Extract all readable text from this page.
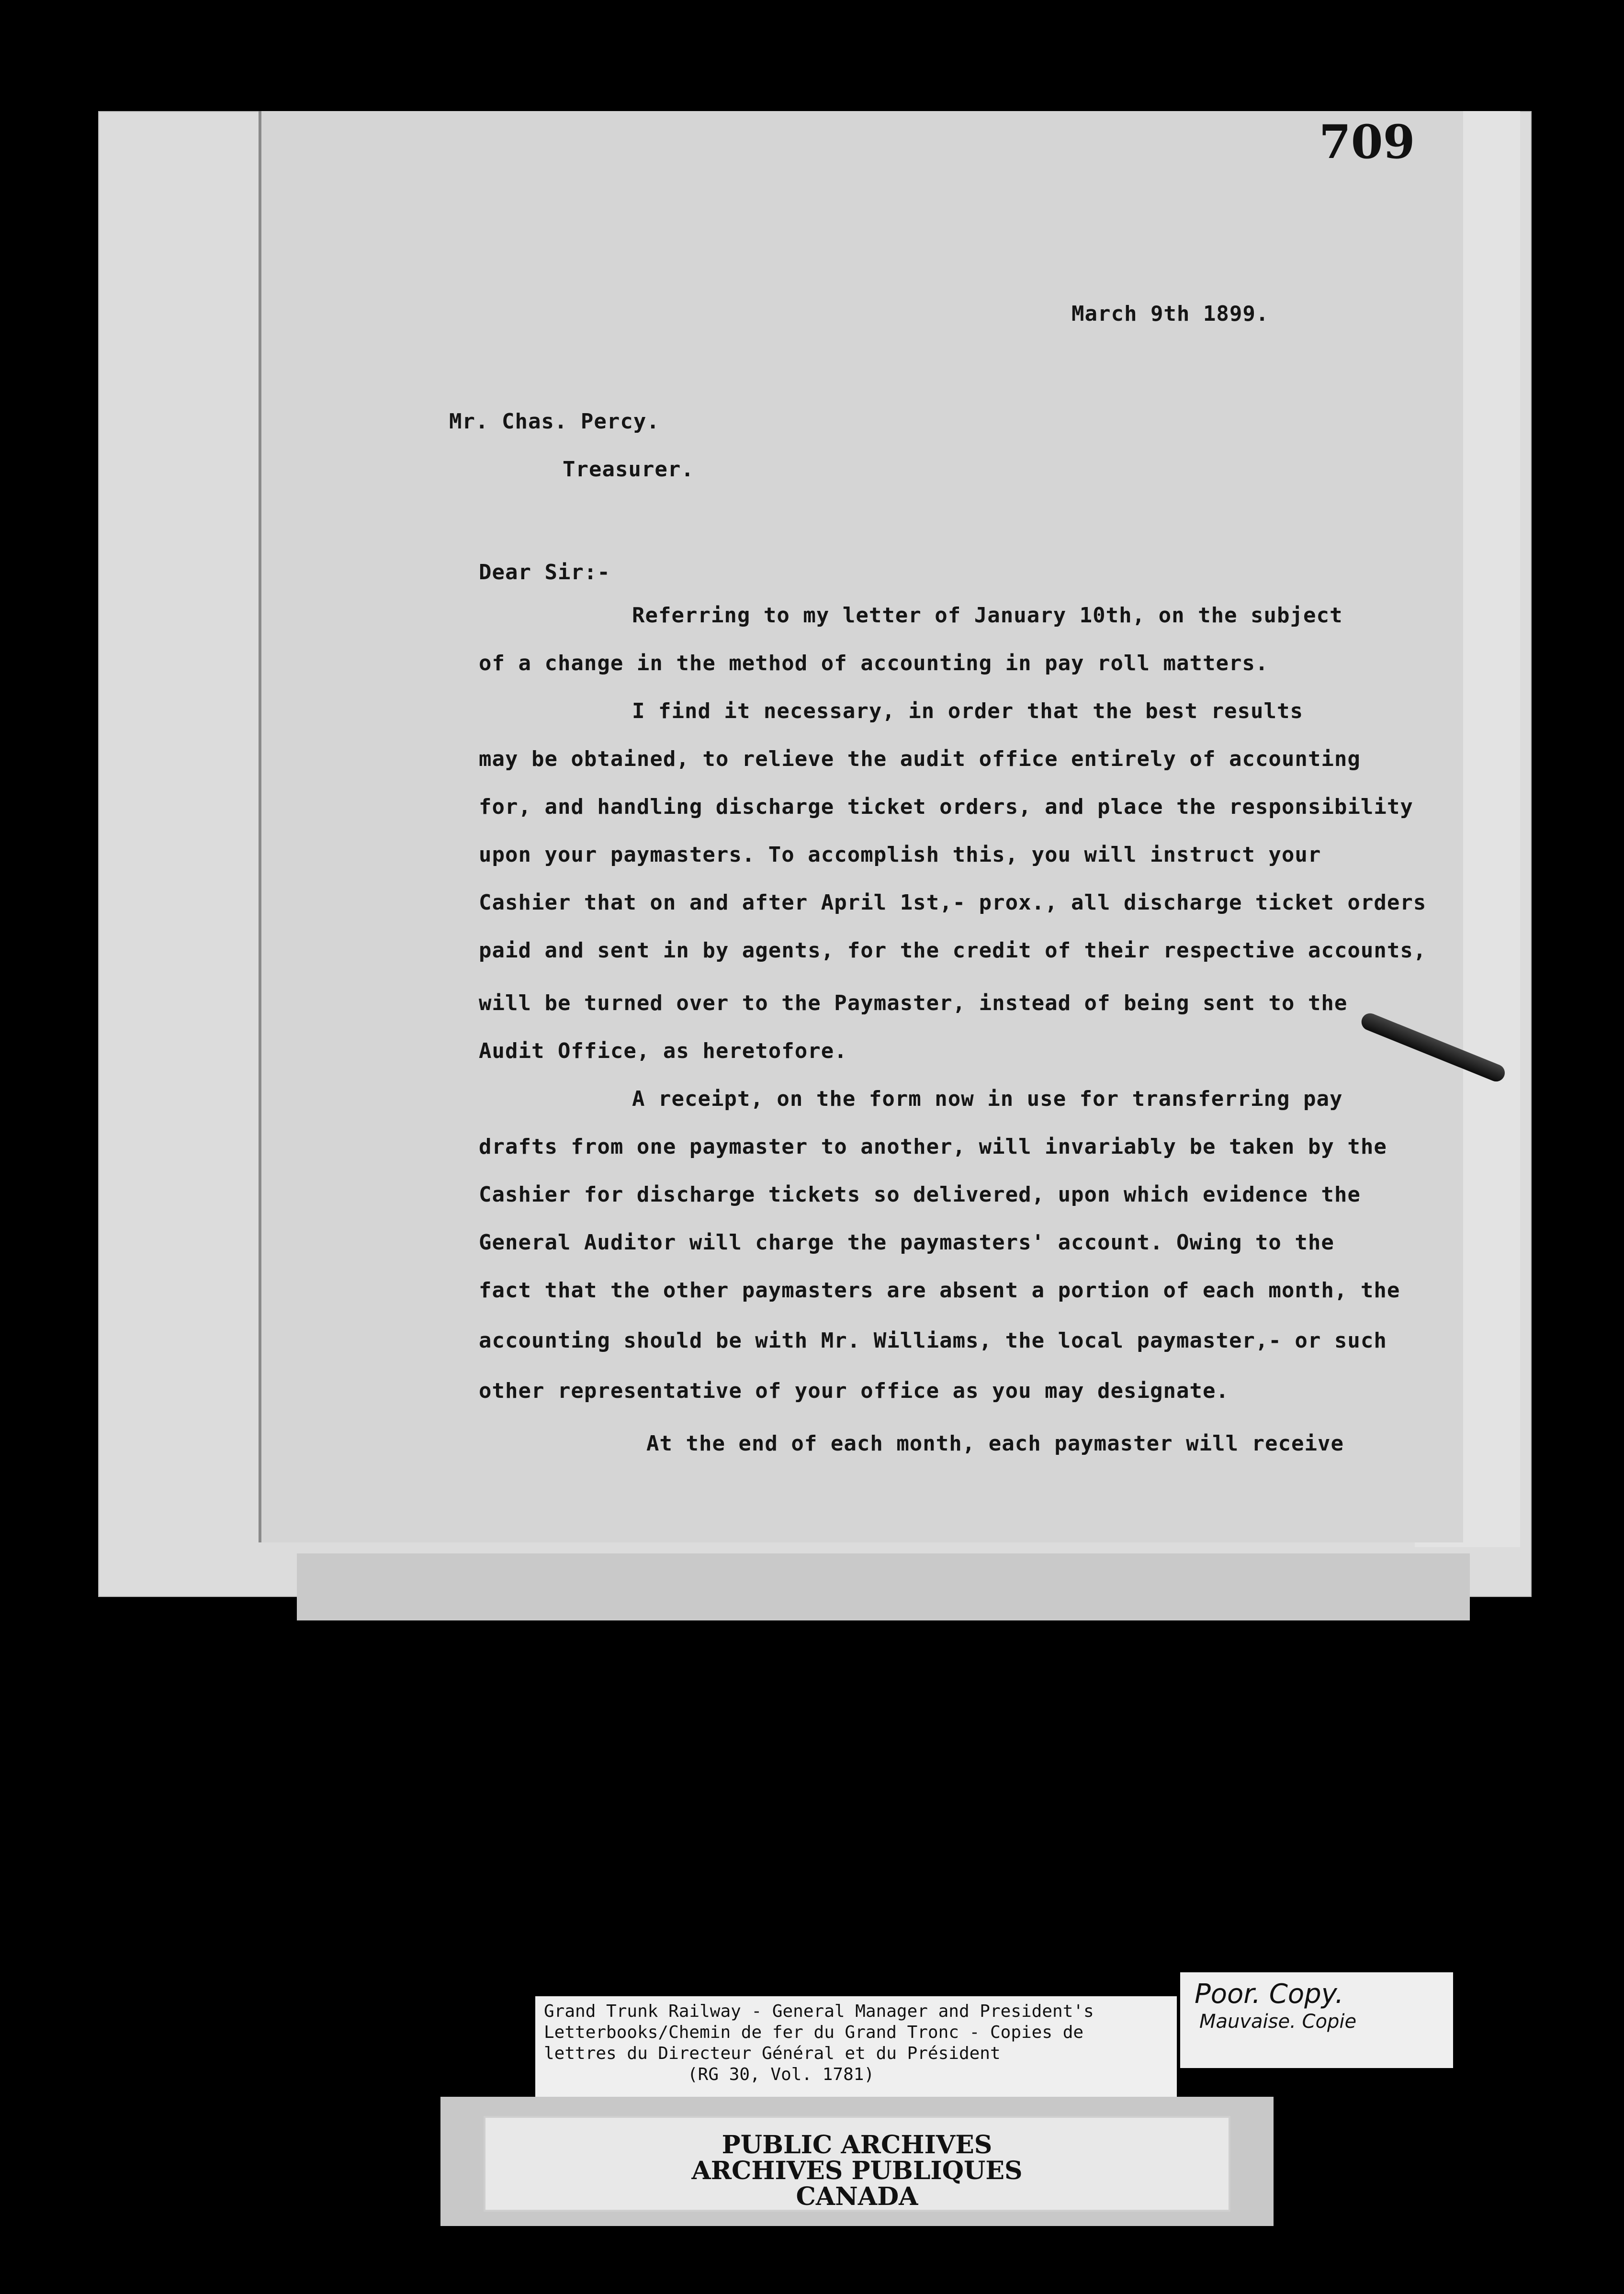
709
March 9th 1899.
Mr. Chas. Percy.
Treasurer.
Dear Sir:-
Referring to my letter of January 10th, on the subject
of a change in the method of accounting in pay roll matters.
I find it necessary, in order that the best results
may be obtained, to relieve the audit office entirely of accounting
for, and handling discharge ticket orders, and place the responsibility
upon your paymasters. To accomplish this, you will instruct your
Cashier that on and after April 1st,- prox., all discharge ticket orders
paid and sent in by agents, for the credit of their respective accounts,
will be turned over to the Paymaster, instead of being sent to the
Audit Office, as heretofore.
A receipt, on the form now in use for transferring pay
drafts from one paymaster to another, will invariably be taken by the
Cashier for discharge tickets so delivered, upon which evidence the
General Auditor will charge the paymasters' account. Owing to the
fact that the other paymasters are absent a portion of each month, the
accounting should be with Mr. Williams, the local paymaster,- or such
other representative of your office as you may designate.
At the end of each month, each paymaster will receive
Grand Trunk Railway - General Manager and President's
Letterbooks/Chemin de fer du Grand Tronc - Copies de
lettres du Directeur Général et du Président
(RG 30, Vol. 1781)
Poor. Copy.
Mauvaise. Copie
PUBLIC ARCHIVES
ARCHIVES PUBLIQUES
CANADA
